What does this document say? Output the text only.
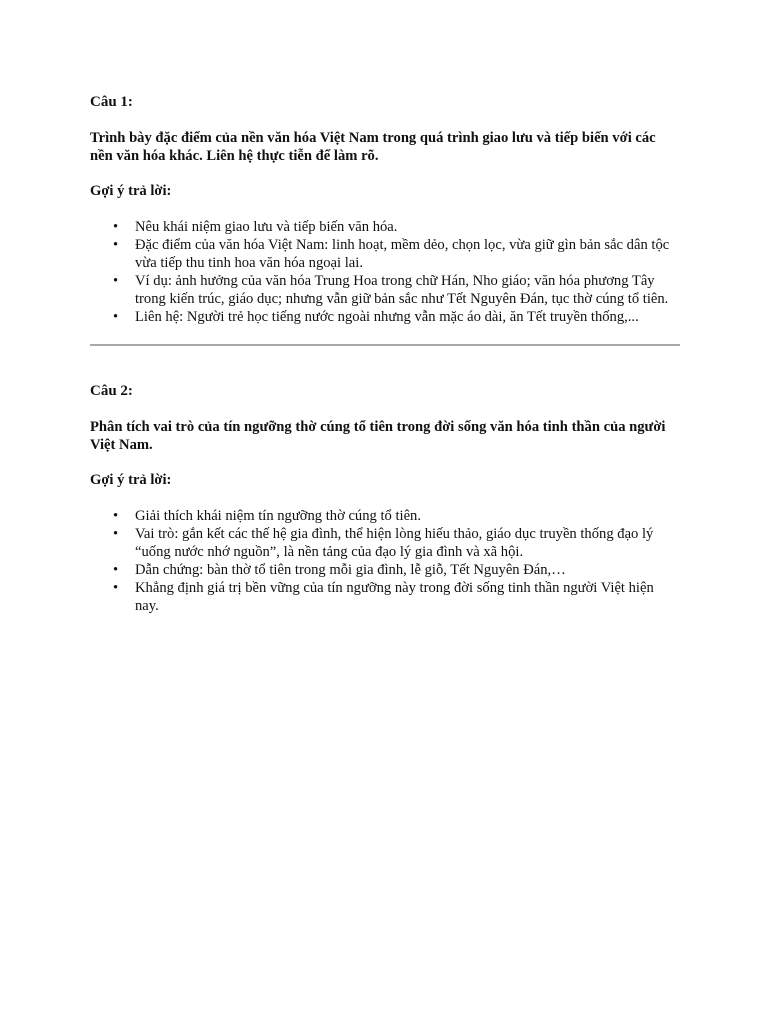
Câu 1:

Trình bày đặc điểm của nền văn hóa Việt Nam trong quá trình giao lưu và tiếp biến với các nền văn hóa khác. Liên hệ thực tiễn để làm rõ.

Gợi ý trả lời:

• Nêu khái niệm giao lưu và tiếp biến văn hóa.
• Đặc điểm của văn hóa Việt Nam: linh hoạt, mềm dẻo, chọn lọc, vừa giữ gìn bản sắc dân tộc vừa tiếp thu tinh hoa văn hóa ngoại lai.
• Ví dụ: ảnh hưởng của văn hóa Trung Hoa trong chữ Hán, Nho giáo; văn hóa phương Tây trong kiến trúc, giáo dục; nhưng vẫn giữ bản sắc như Tết Nguyên Đán, tục thờ cúng tổ tiên.
• Liên hệ: Người trẻ học tiếng nước ngoài nhưng vẫn mặc áo dài, ăn Tết truyền thống,...

Câu 2:

Phân tích vai trò của tín ngưỡng thờ cúng tổ tiên trong đời sống văn hóa tinh thần của người Việt Nam.

Gợi ý trả lời:

• Giải thích khái niệm tín ngưỡng thờ cúng tổ tiên.
• Vai trò: gắn kết các thế hệ gia đình, thể hiện lòng hiếu thảo, giáo dục truyền thống đạo lý “uống nước nhớ nguồn”, là nền tảng của đạo lý gia đình và xã hội.
• Dẫn chứng: bàn thờ tổ tiên trong mỗi gia đình, lễ giỗ, Tết Nguyên Đán,…
• Khẳng định giá trị bền vững của tín ngưỡng này trong đời sống tinh thần người Việt hiện nay.
